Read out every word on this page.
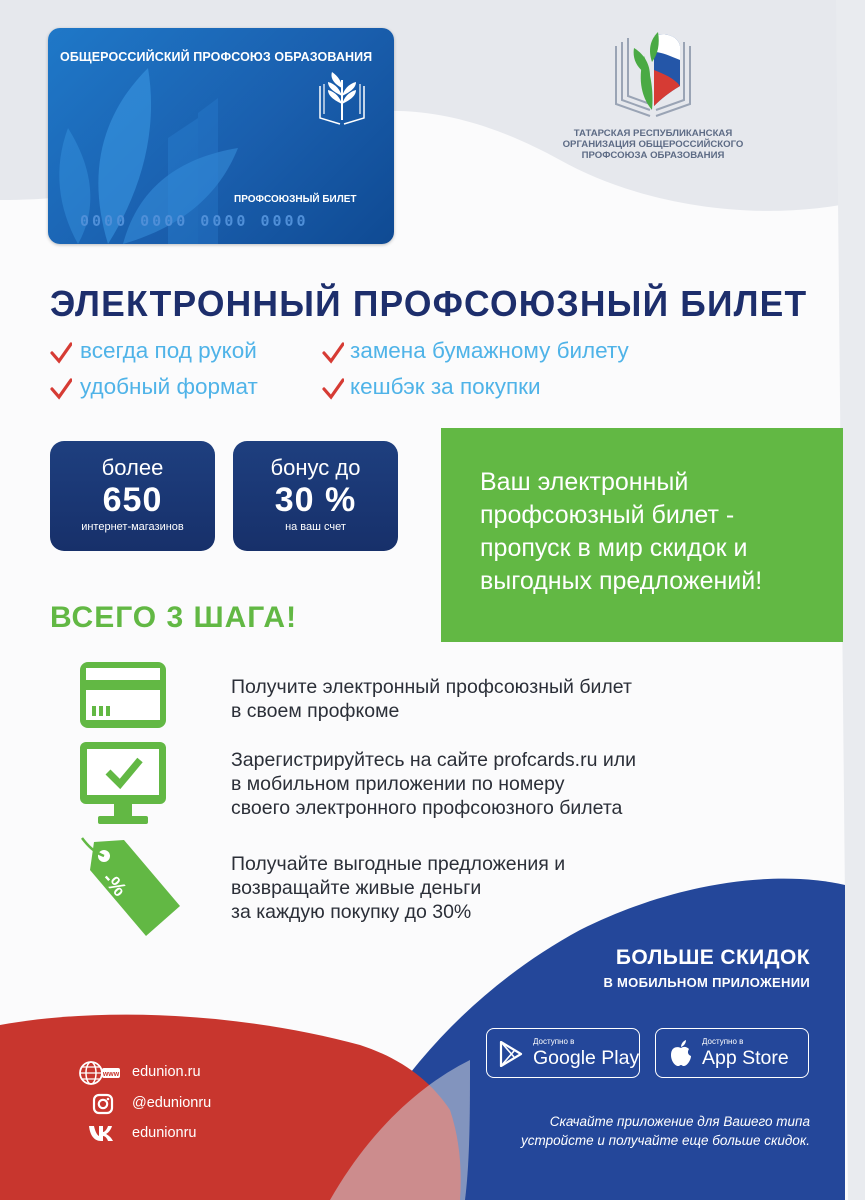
ОБЩЕРОССИЙСКИЙ ПРОФСОЮЗ ОБРАЗОВАНИЯ
ПРОФСОЮЗНЫЙ БИЛЕТ
0000 0000 0000 0000
ТАТАРСКАЯ РЕСПУБЛИКАНСКАЯ
ОРГАНИЗАЦИЯ ОБЩЕРОССИЙСКОГО
ПРОФСОЮЗА ОБРАЗОВАНИЯ
ЭЛЕКТРОННЫЙ ПРОФСОЮЗНЫЙ БИЛЕТ
всегда под рукой	замена бумажному билету
удобный формат	кешбэк за покупки
более
650
интернет-магазинов
бонус до
30 %
на ваш счет
Ваш электронный
профсоюзный билет -
пропуск в мир скидок и
выгодных предложений!
ВСЕГО 3 ШАГА!
Получите электронный профсоюзный билет
в своем профкоме
Зарегистрируйтесь на сайте profcards.ru или
в мобильном приложении по номеру
своего электронного профсоюзного билета
-%
Получайте выгодные предложения и
возвращайте живые деньги
за каждую покупку до 30%
БОЛЬШЕ СКИДОК
В МОБИЛЬНОМ ПРИЛОЖЕНИИ
Доступно в
Google Play
Доступно в
App Store
Скачайте приложение для Вашего типа
устройсте и получайте еще больше скидок.
www edunion.ru
@edunionru
edunionru
